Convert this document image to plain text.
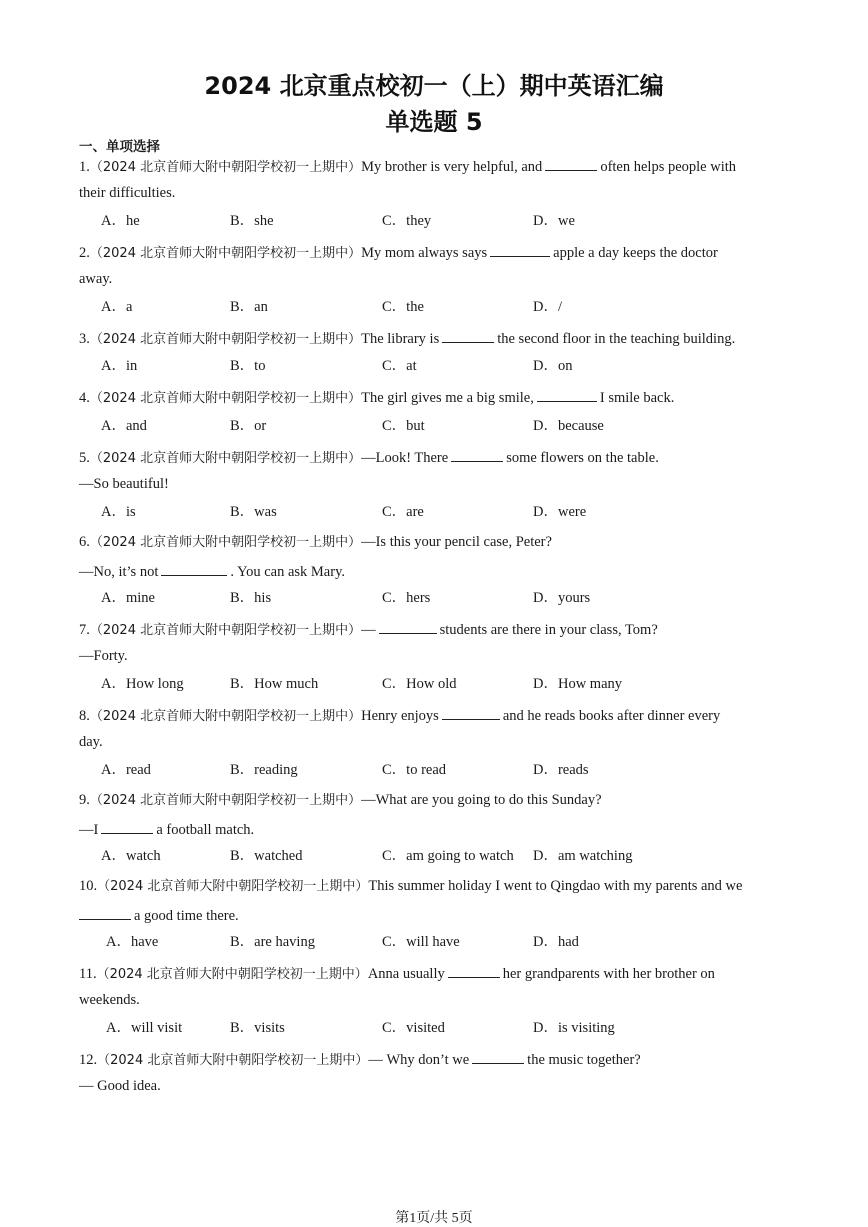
2024 北京重点校初一（上）期中英语汇编
单选题 5
一、单项选择
1.（2024 北京首师大附中朝阳学校初一上期中）My brother is very helpful, and	often helps people with
their difficulties.
A．he	B．she	C．they	D．we
2.（2024 北京首师大附中朝阳学校初一上期中）My mom always says	apple a day keeps the doctor
away.
A．a	B．an	C．the	D．/
3.（2024 北京首师大附中朝阳学校初一上期中）The library is	the second floor in the teaching building.
A．in	B．to	C．at	D．on
4.（2024 北京首师大附中朝阳学校初一上期中）The girl gives me a big smile,	I smile back.
A．and	B．or	C．but	D．because
5.（2024 北京首师大附中朝阳学校初一上期中）—Look! There	some flowers on the table.
—So beautiful!
A．is	B．was	C．are	D．were
6.（2024 北京首师大附中朝阳学校初一上期中）—Is this your pencil case, Peter?
—No, it’s not	. You can ask Mary.
A．mine	B．his	C．hers	D．yours
7.（2024 北京首师大附中朝阳学校初一上期中）—	students are there in your class, Tom?
—Forty.
A．How long	B．How much	C．How old	D．How many
8.（2024 北京首师大附中朝阳学校初一上期中）Henry enjoys	and he reads books after dinner every
day.
A．read	B．reading	C．to read	D．reads
9.（2024 北京首师大附中朝阳学校初一上期中）—What are you going to do this Sunday?
—I	a football match.
A．watch	B．watched	C．am going to watch D．am watching
10.（2024 北京首师大附中朝阳学校初一上期中）This summer holiday I went to Qingdao with my parents and we
a good time there.
A．have	B．are having	C．will have	D．had
11.（2024 北京首师大附中朝阳学校初一上期中）Anna usually	her grandparents with her brother on
weekends.
A．will visit	B．visits	C．visited	D．is visiting
12.（2024 北京首师大附中朝阳学校初一上期中）— Why don’t we	the music together?
— Good idea.
第1页/共 5页
